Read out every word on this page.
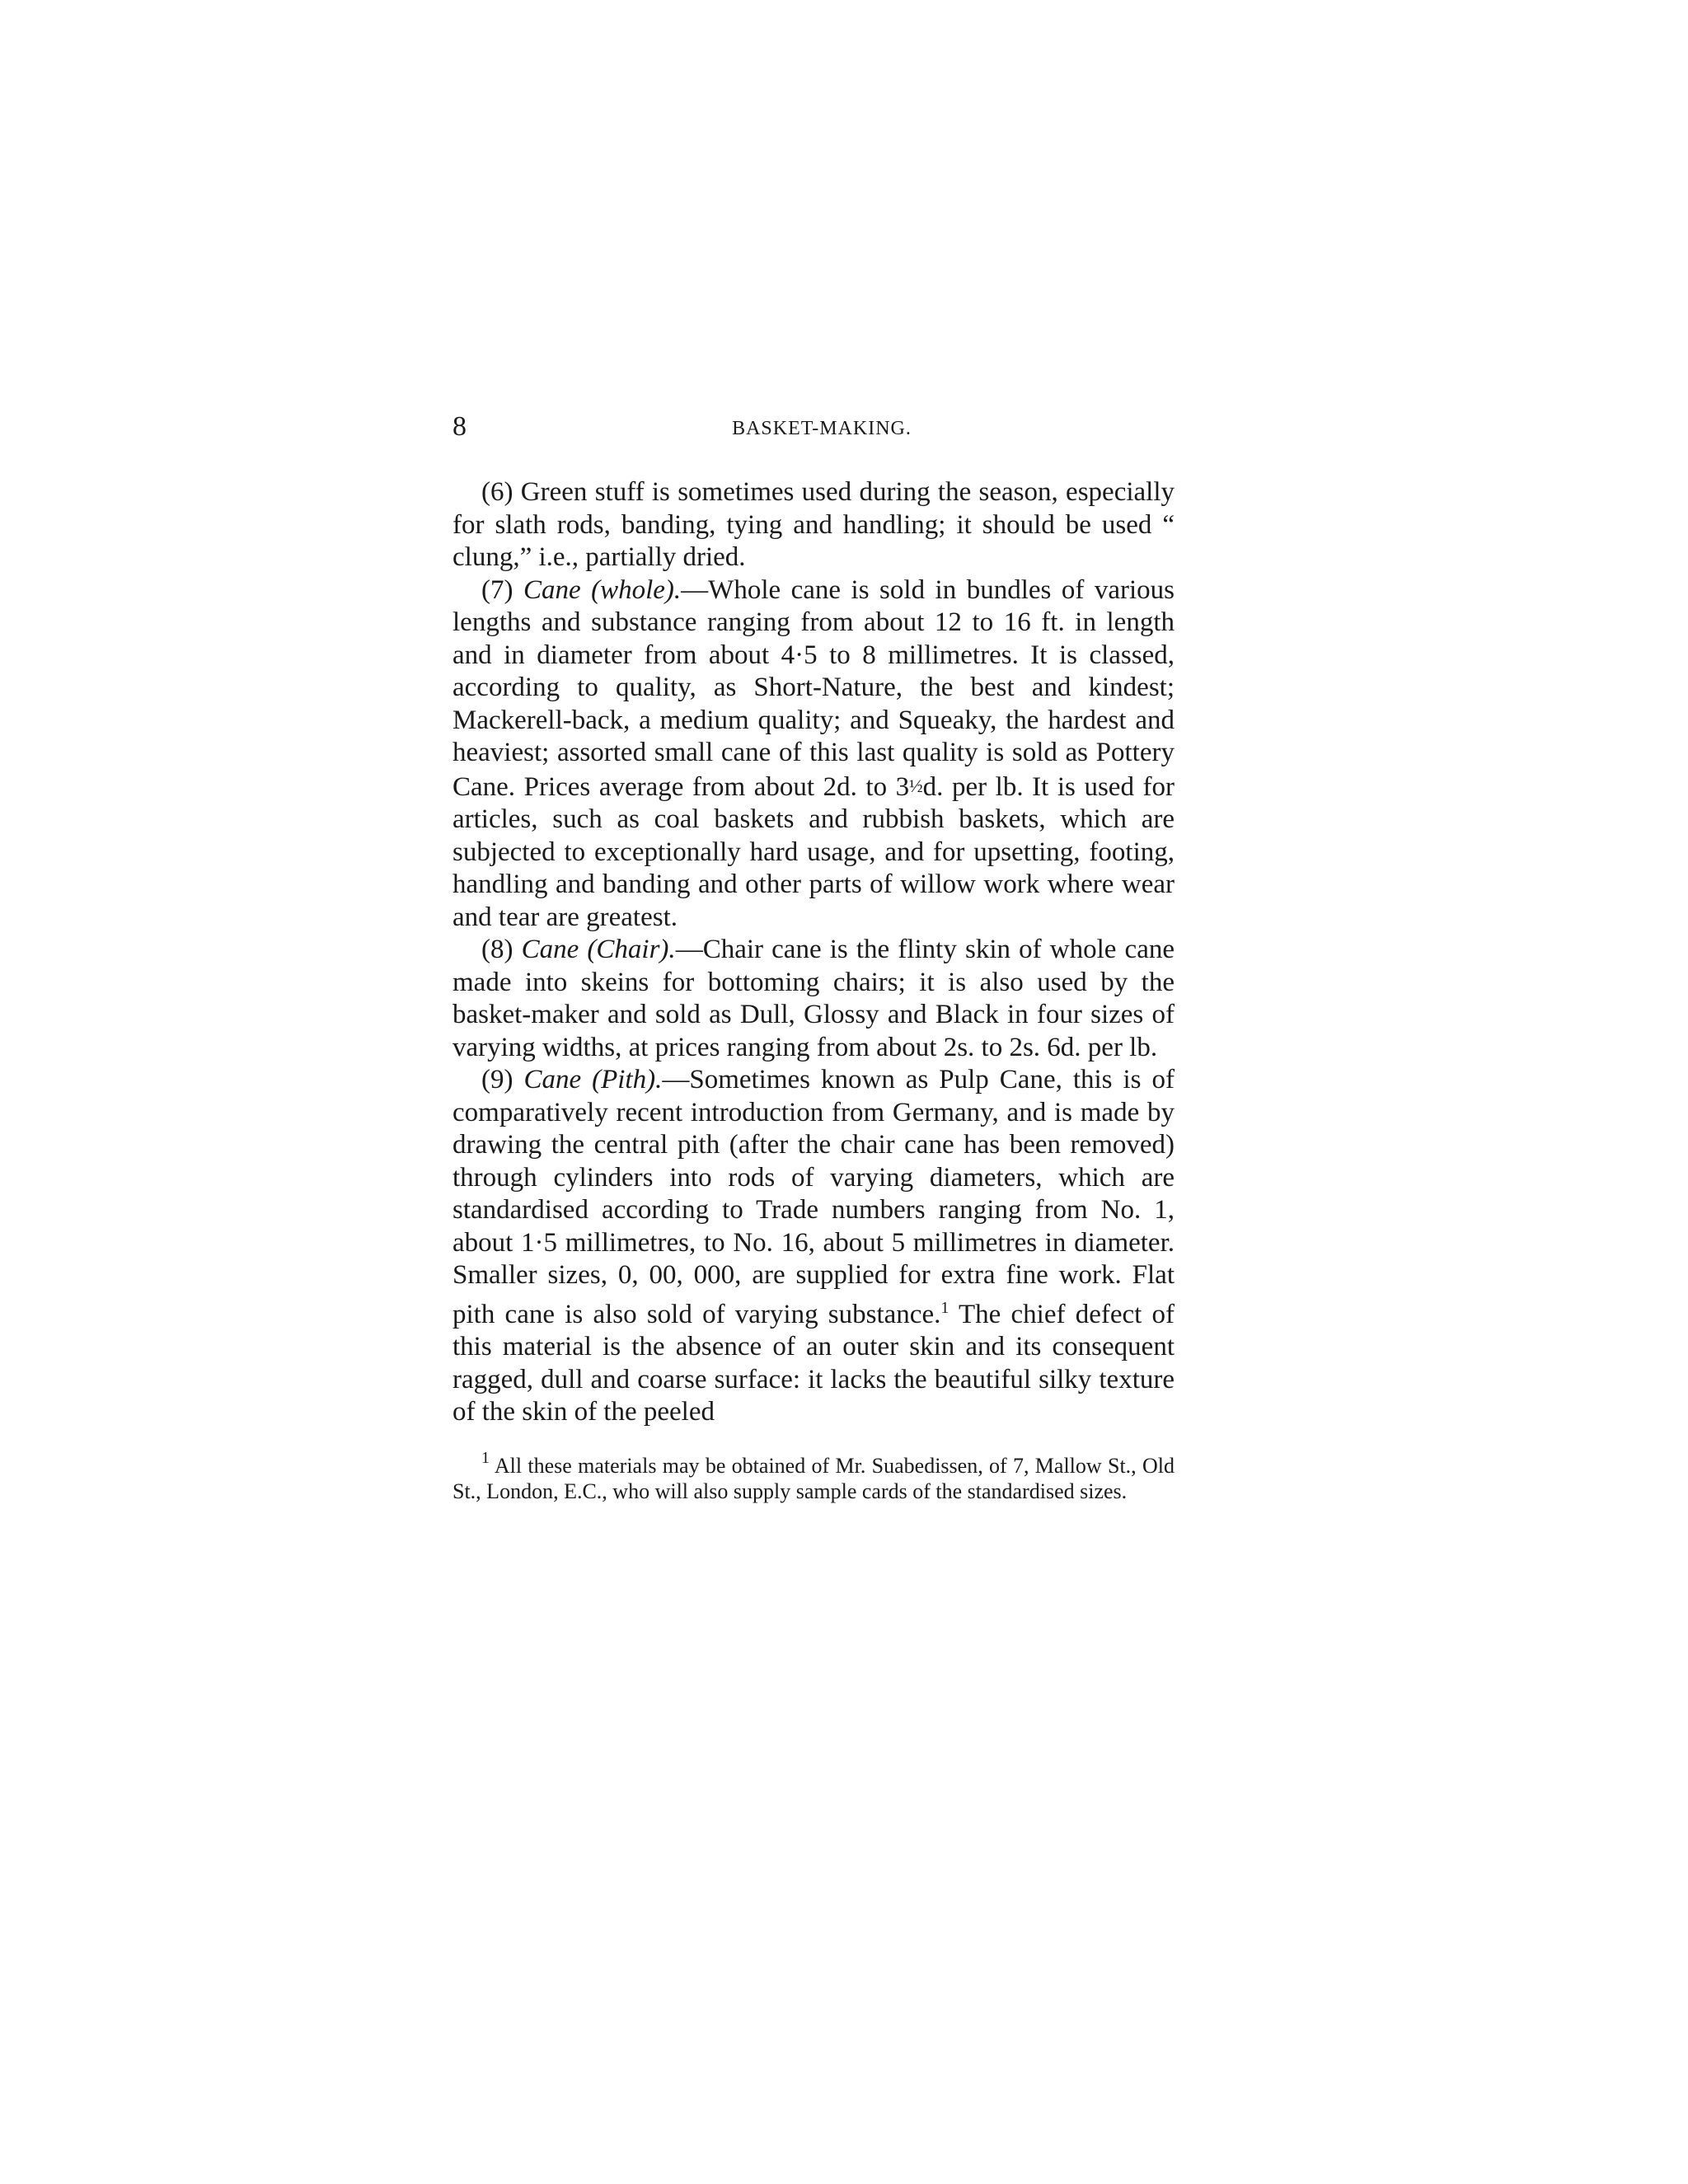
8	BASKET-MAKING.

(6) Green stuff is sometimes used during the season, especially for slath rods, banding, tying and handling; it should be used “ clung,” i.e., partially dried.

(7) Cane (whole).—Whole cane is sold in bundles of various lengths and substance ranging from about 12 to 16 ft. in length and in diameter from about 4·5 to 8 millimetres. It is classed, according to quality, as Short-Nature, the best and kindest; Mackerell-back, a medium quality; and Squeaky, the hardest and heaviest; assorted small cane of this last quality is sold as Pottery Cane. Prices average from about 2d. to 3½d. per lb. It is used for articles, such as coal baskets and rubbish baskets, which are subjected to exceptionally hard usage, and for upsetting, footing, handling and banding and other parts of willow work where wear and tear are greatest.

(8) Cane (Chair).—Chair cane is the flinty skin of whole cane made into skeins for bottoming chairs; it is also used by the basket-maker and sold as Dull, Glossy and Black in four sizes of varying widths, at prices ranging from about 2s. to 2s. 6d. per lb.

(9) Cane (Pith).—Sometimes known as Pulp Cane, this is of comparatively recent introduction from Germany, and is made by drawing the central pith (after the chair cane has been removed) through cylinders into rods of varying diameters, which are standardised according to Trade numbers ranging from No. 1, about 1·5 millimetres, to No. 16, about 5 millimetres in diameter. Smaller sizes, 0, 00, 000, are supplied for extra fine work. Flat pith cane is also sold of varying substance.$^1$ The chief defect of this material is the absence of an outer skin and its consequent ragged, dull and coarse surface: it lacks the beautiful silky texture of the skin of the peeled

$^1$ All these materials may be obtained of Mr. Suabedissen, of 7, Mallow St., Old St., London, E.C., who will also supply sample cards of the standardised sizes.
